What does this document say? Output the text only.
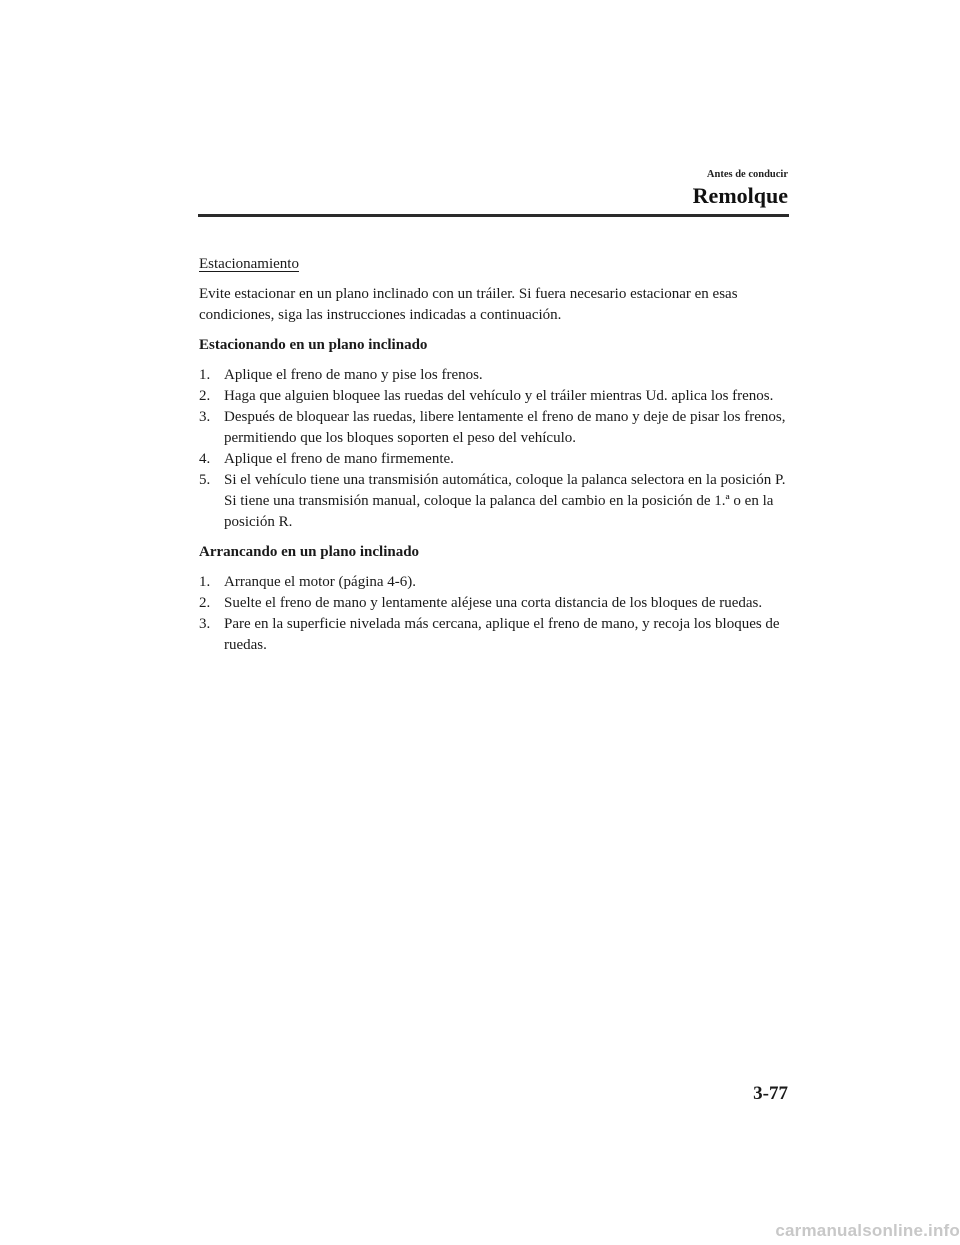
Antes de conducir
Remolque
Estacionamiento
Evite estacionar en un plano inclinado con un tráiler. Si fuera necesario estacionar en esas condiciones, siga las instrucciones indicadas a continuación.
Estacionando en un plano inclinado
1. Aplique el freno de mano y pise los frenos.
2. Haga que alguien bloquee las ruedas del vehículo y el tráiler mientras Ud. aplica los frenos.
3. Después de bloquear las ruedas, libere lentamente el freno de mano y deje de pisar los frenos, permitiendo que los bloques soporten el peso del vehículo.
4. Aplique el freno de mano firmemente.
5. Si el vehículo tiene una transmisión automática, coloque la palanca selectora en la posición P. Si tiene una transmisión manual, coloque la palanca del cambio en la posición de 1.ª o en la posición R.
Arrancando en un plano inclinado
1. Arranque el motor (página 4-6).
2. Suelte el freno de mano y lentamente aléjese una corta distancia de los bloques de ruedas.
3. Pare en la superficie nivelada más cercana, aplique el freno de mano, y recoja los bloques de ruedas.
3-77
carmanualsonline.info
